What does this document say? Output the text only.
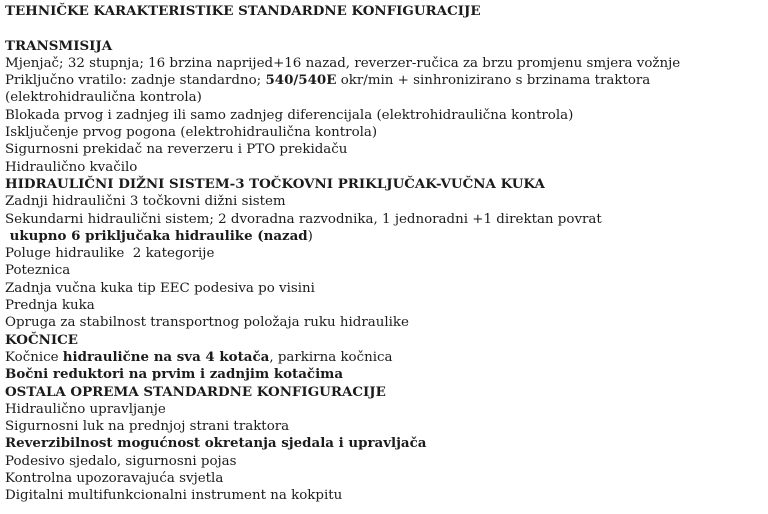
TEHNIČKE KARAKTERISTIKE STANDARDNE KONFIGURACIJE

TRANSMISIJA
Mjenjač; 32 stupnja; 16 brzina naprijed+16 nazad, reverzer-ručica za brzu promjenu smjera vožnje
Priključno vratilo: zadnje standardno; 540/540E okr/min + sinhronizirano s brzinama traktora
(elektrohidraulična kontrola)
Blokada prvog i zadnjeg ili samo zadnjeg diferencijala (elektrohidraulična kontrola)
Isključenje prvog pogona (elektrohidraulična kontrola)
Sigurnosni prekidač na reverzeru i PTO prekidaču
Hidraulično kvačilo
HIDRAULIČNI DIŽNI SISTEM-3 TOČKOVNI PRIKLJUČAK-VUČNA KUKA
Zadnji hidraulični 3 točkovni dižni sistem
Sekundarni hidraulični sistem; 2 dvoradna razvodnika, 1 jednoradni +1 direktan povrat
ukupno 6 priključaka hidraulike (nazad)
Poluge hidraulike  2 kategorije
Poteznica
Zadnja vučna kuka tip EEC podesiva po visini
Prednja kuka
Opruga za stabilnost transportnog položaja ruku hidraulike
KOČNICE
Kočnice hidraulične na sva 4 kotača, parkirna kočnica
Bočni reduktori na prvim i zadnjim kotačima
OSTALA OPREMA STANDARDNE KONFIGURACIJE
Hidraulično upravljanje
Sigurnosni luk na prednjoj strani traktora
Reverzibilnost mogućnost okretanja sjedala i upravljača
Podesivo sjedalo, sigurnosni pojas
Kontrolna upozoravajuća svjetla
Digitalni multifunkcionalni instrument na kokpitu
